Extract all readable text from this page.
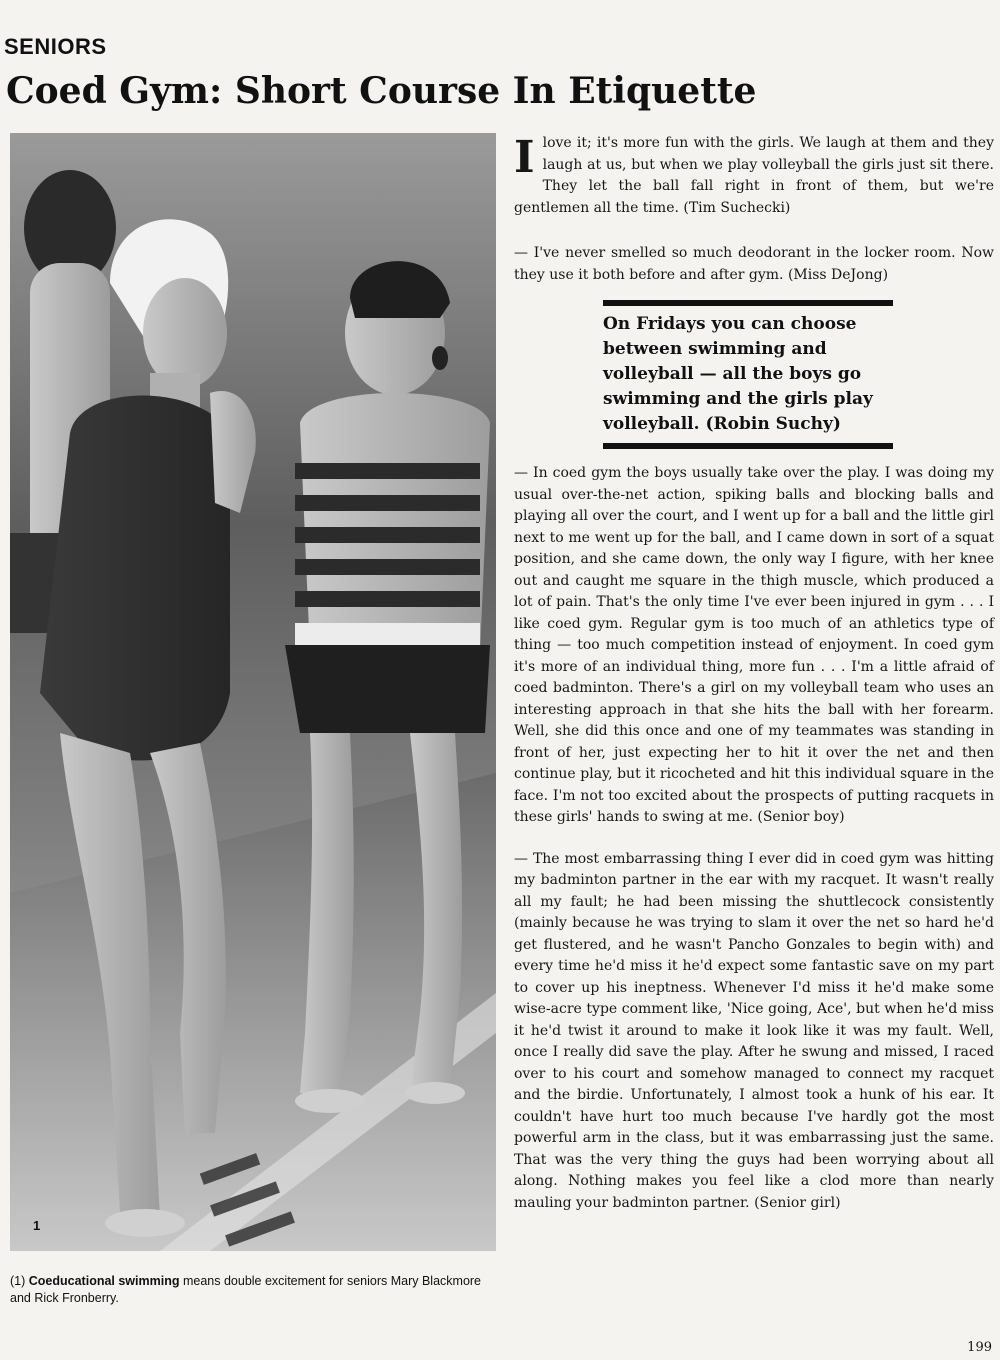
SENIORS
Coed Gym: Short Course In Etiquette
1
(1) Coeducational swimming means double excitement for seniors Mary Blackmore and Rick Fronberry.

I love it; it's more fun with the girls. We laugh at them and they laugh at us, but when we play volleyball the girls just sit there. They let the ball fall right in front of them, but we're gentlemen all the time. (Tim Suchecki)

— I've never smelled so much deodorant in the locker room. Now they use it both before and after gym. (Miss DeJong)

On Fridays you can choose between swimming and volleyball — all the boys go swimming and the girls play volleyball. (Robin Suchy)

— In coed gym the boys usually take over the play. I was doing my usual over-the-net action, spiking balls and blocking balls and playing all over the court, and I went up for a ball and the little girl next to me went up for the ball, and I came down in sort of a squat position, and she came down, the only way I figure, with her knee out and caught me square in the thigh muscle, which produced a lot of pain. That's the only time I've ever been injured in gym . . . I like coed gym. Regular gym is too much of an athletics type of thing — too much competition instead of enjoyment. In coed gym it's more of an individual thing, more fun . . . I'm a little afraid of coed badminton. There's a girl on my volleyball team who uses an interesting approach in that she hits the ball with her forearm. Well, she did this once and one of my teammates was standing in front of her, just expecting her to hit it over the net and then continue play, but it ricocheted and hit this individual square in the face. I'm not too excited about the prospects of putting racquets in these girls' hands to swing at me. (Senior boy)

— The most embarrassing thing I ever did in coed gym was hitting my badminton partner in the ear with my racquet. It wasn't really all my fault; he had been missing the shuttlecock consistently (mainly because he was trying to slam it over the net so hard he'd get flustered, and he wasn't Pancho Gonzales to begin with) and every time he'd miss it he'd expect some fantastic save on my part to cover up his ineptness. Whenever I'd miss it he'd make some wise-acre type comment like, 'Nice going, Ace', but when he'd miss it he'd twist it around to make it look like it was my fault. Well, once I really did save the play. After he swung and missed, I raced over to his court and somehow managed to connect my racquet and the birdie. Unfortunately, I almost took a hunk of his ear. It couldn't have hurt too much because I've hardly got the most powerful arm in the class, but it was embarrassing just the same. That was the very thing the guys had been worrying about all along. Nothing makes you feel like a clod more than nearly mauling your badminton partner. (Senior girl)

199
